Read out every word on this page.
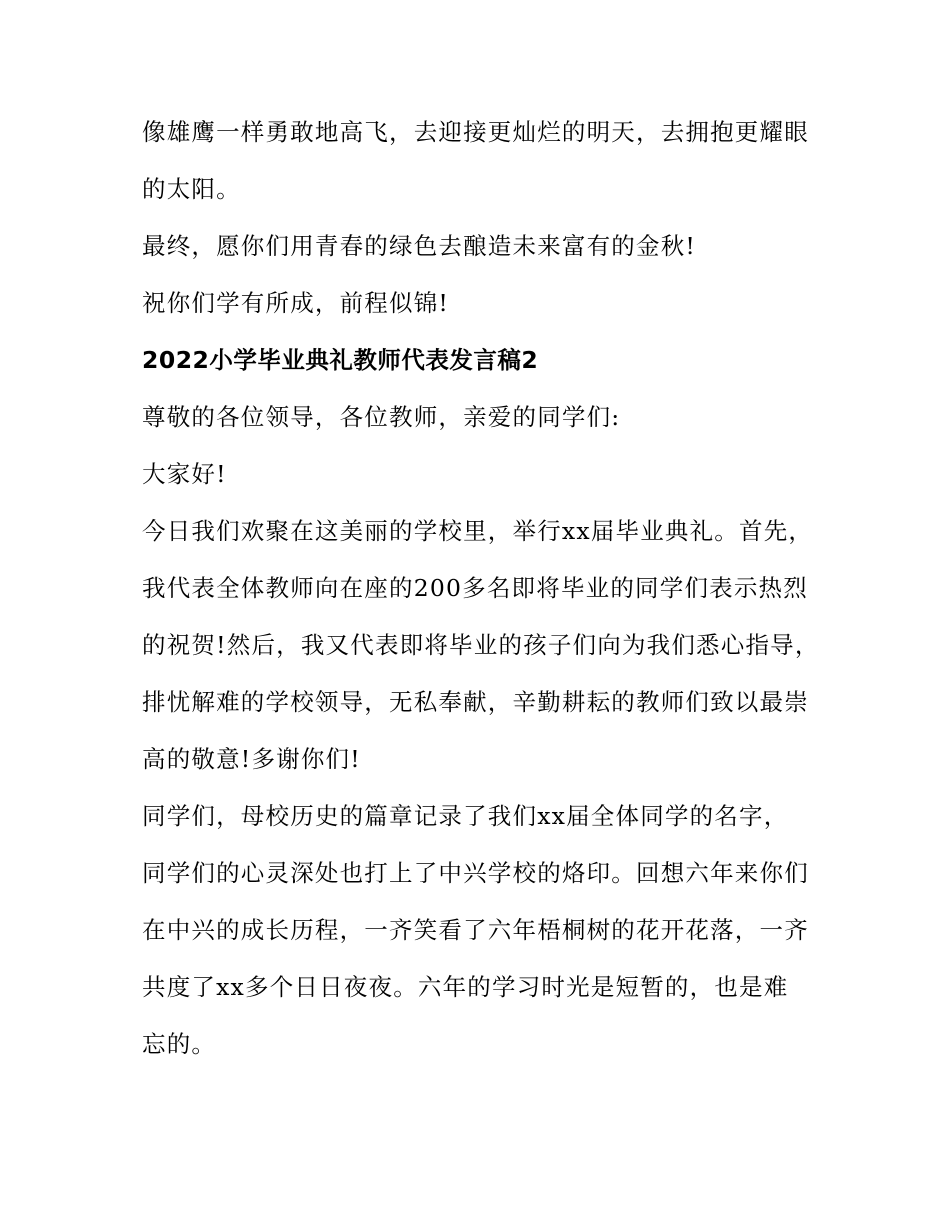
像雄鹰一样勇敢地高飞，去迎接更灿烂的明天，去拥抱更耀眼

的太阳。

最终，愿你们用青春的绿色去酿造未来富有的金秋!

祝你们学有所成，前程似锦!

2022小学毕业典礼教师代表发言稿2

尊敬的各位领导，各位教师，亲爱的同学们:

大家好!

今日我们欢聚在这美丽的学校里，举行xx届毕业典礼。首先，

我代表全体教师向在座的200多名即将毕业的同学们表示热烈

的祝贺!然后，我又代表即将毕业的孩子们向为我们悉心指导，

排忧解难的学校领导，无私奉献，辛勤耕耘的教师们致以最崇

高的敬意!多谢你们!

同学们，母校历史的篇章记录了我们xx届全体同学的名字，

同学们的心灵深处也打上了中兴学校的烙印。回想六年来你们

在中兴的成长历程，一齐笑看了六年梧桐树的花开花落，一齐

共度了xx多个日日夜夜。六年的学习时光是短暂的，也是难

忘的。
